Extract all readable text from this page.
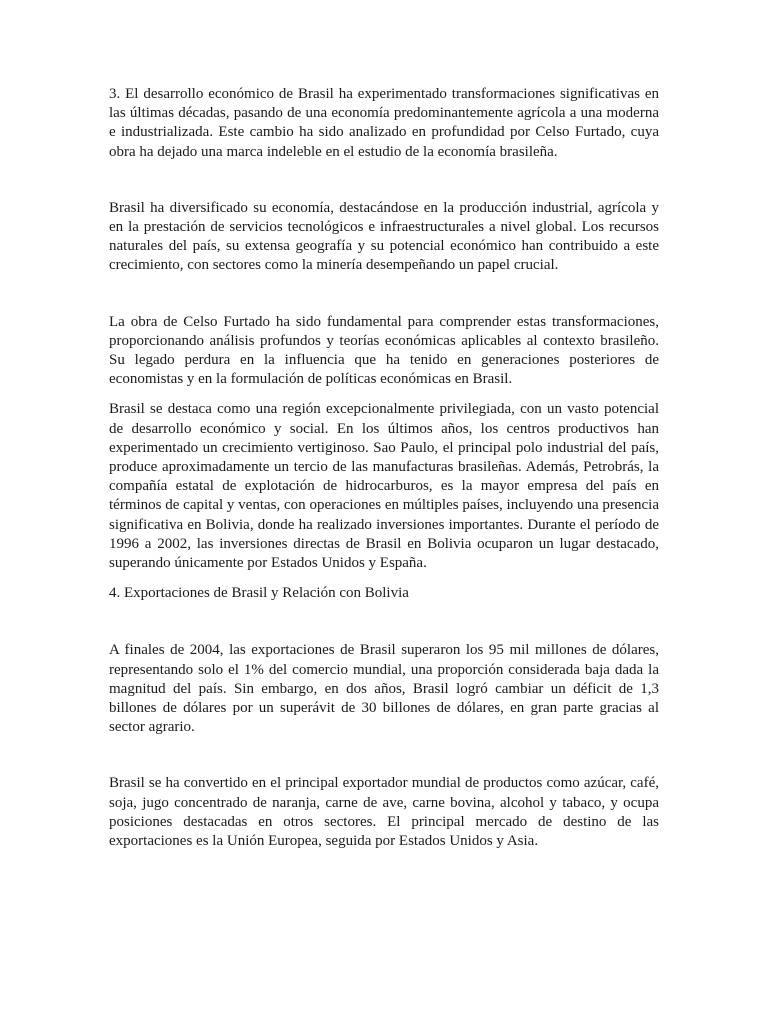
3. El desarrollo económico de Brasil ha experimentado transformaciones significativas en las últimas décadas, pasando de una economía predominantemente agrícola a una moderna e industrializada. Este cambio ha sido analizado en profundidad por Celso Furtado, cuya obra ha dejado una marca indeleble en el estudio de la economía brasileña.

Brasil ha diversificado su economía, destacándose en la producción industrial, agrícola y en la prestación de servicios tecnológicos e infraestructurales a nivel global. Los recursos naturales del país, su extensa geografía y su potencial económico han contribuido a este crecimiento, con sectores como la minería desempeñando un papel crucial.

La obra de Celso Furtado ha sido fundamental para comprender estas transformaciones, proporcionando análisis profundos y teorías económicas aplicables al contexto brasileño. Su legado perdura en la influencia que ha tenido en generaciones posteriores de economistas y en la formulación de políticas económicas en Brasil.

Brasil se destaca como una región excepcionalmente privilegiada, con un vasto potencial de desarrollo económico y social. En los últimos años, los centros productivos han experimentado un crecimiento vertiginoso. Sao Paulo, el principal polo industrial del país, produce aproximadamente un tercio de las manufacturas brasileñas. Además, Petrobrás, la compañía estatal de explotación de hidrocarburos, es la mayor empresa del país en términos de capital y ventas, con operaciones en múltiples países, incluyendo una presencia significativa en Bolivia, donde ha realizado inversiones importantes. Durante el período de 1996 a 2002, las inversiones directas de Brasil en Bolivia ocuparon un lugar destacado, superando únicamente por Estados Unidos y España.

4. Exportaciones de Brasil y Relación con Bolivia

A finales de 2004, las exportaciones de Brasil superaron los 95 mil millones de dólares, representando solo el 1% del comercio mundial, una proporción considerada baja dada la magnitud del país. Sin embargo, en dos años, Brasil logró cambiar un déficit de 1,3 billones de dólares por un superávit de 30 billones de dólares, en gran parte gracias al sector agrario.

Brasil se ha convertido en el principal exportador mundial de productos como azúcar, café, soja, jugo concentrado de naranja, carne de ave, carne bovina, alcohol y tabaco, y ocupa posiciones destacadas en otros sectores. El principal mercado de destino de las exportaciones es la Unión Europea, seguida por Estados Unidos y Asia.
